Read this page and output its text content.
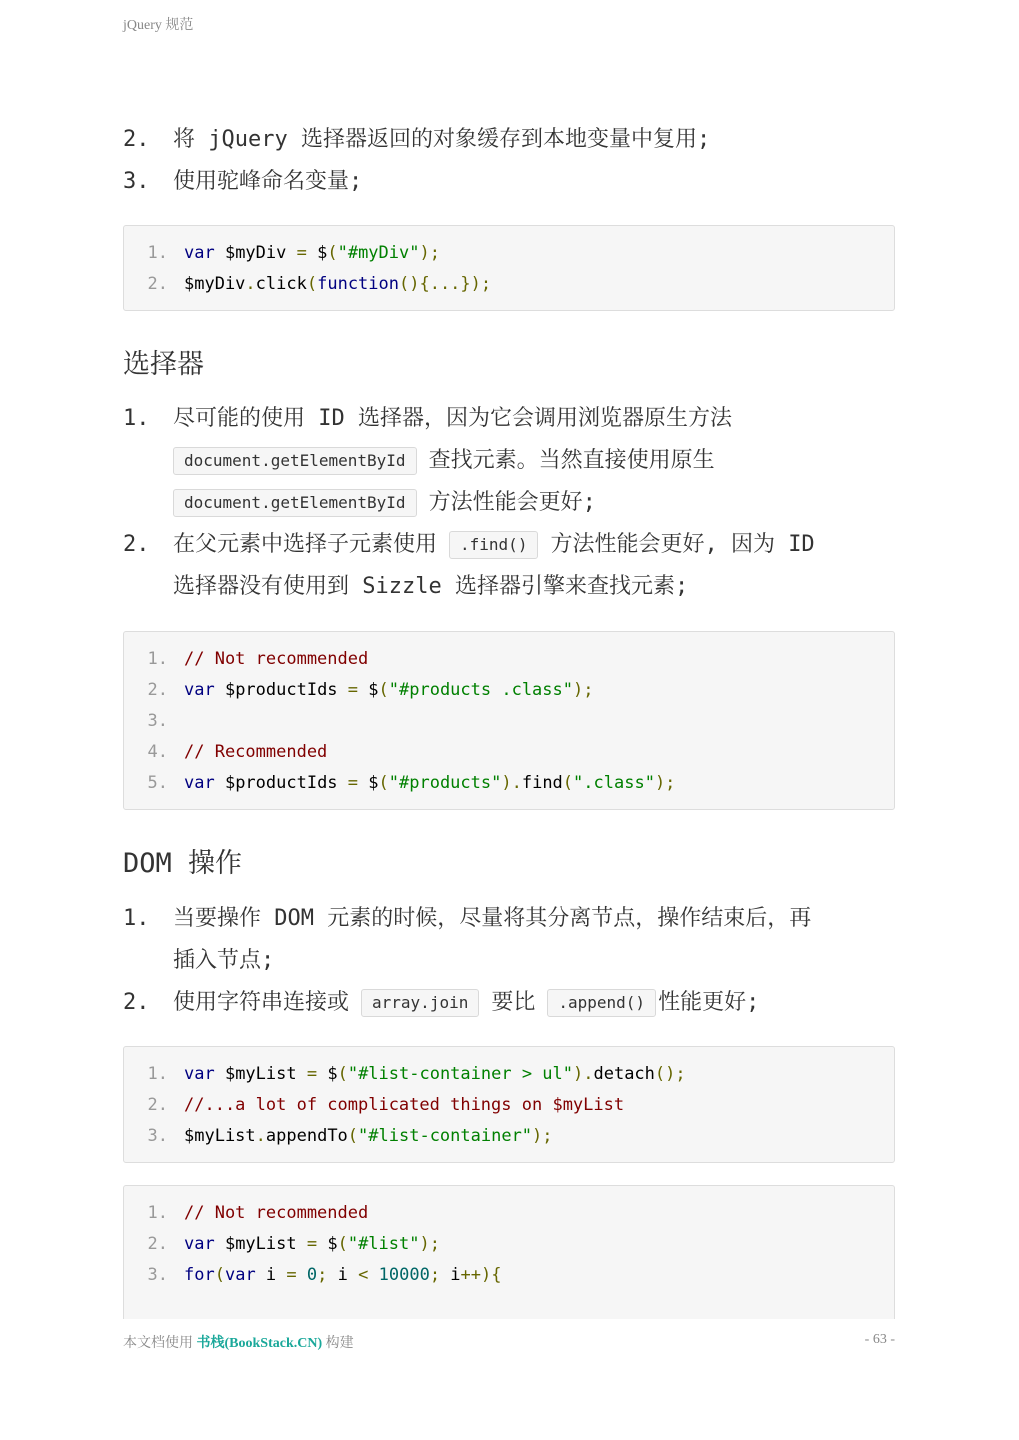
jQuery 规范
2. 将 jQuery 选择器返回的对象缓存到本地变量中复用;
3. 使用驼峰命名变量;
1. var $myDiv = $("#myDiv");
2. $myDiv.click(function(){...});
选择器
1. 尽可能的使用 ID 选择器，因为它会调用浏览器原生方法
document.getElementById 查找元素。当然直接使用原生
document.getElementById 方法性能会更好;
2. 在父元素中选择子元素使用 .find() 方法性能会更好, 因为 ID
选择器没有使用到 Sizzle 选择器引擎来查找元素;
1. // Not recommended
2. var $productIds = $("#products .class");
3.
4. // Recommended
5. var $productIds = $("#products").find(".class");
DOM 操作
1. 当要操作 DOM 元素的时候，尽量将其分离节点，操作结束后，再
插入节点;
2. 使用字符串连接或 array.join 要比 .append() 性能更好;
1. var $myList = $("#list-container > ul").detach();
2. //...a lot of complicated things on $myList
3. $myList.appendTo("#list-container");
1. // Not recommended
2. var $myList = $("#list");
3. for(var i = 0; i < 10000; i++){
本文档使用 书栈(BookStack.CN) 构建	- 63 -
